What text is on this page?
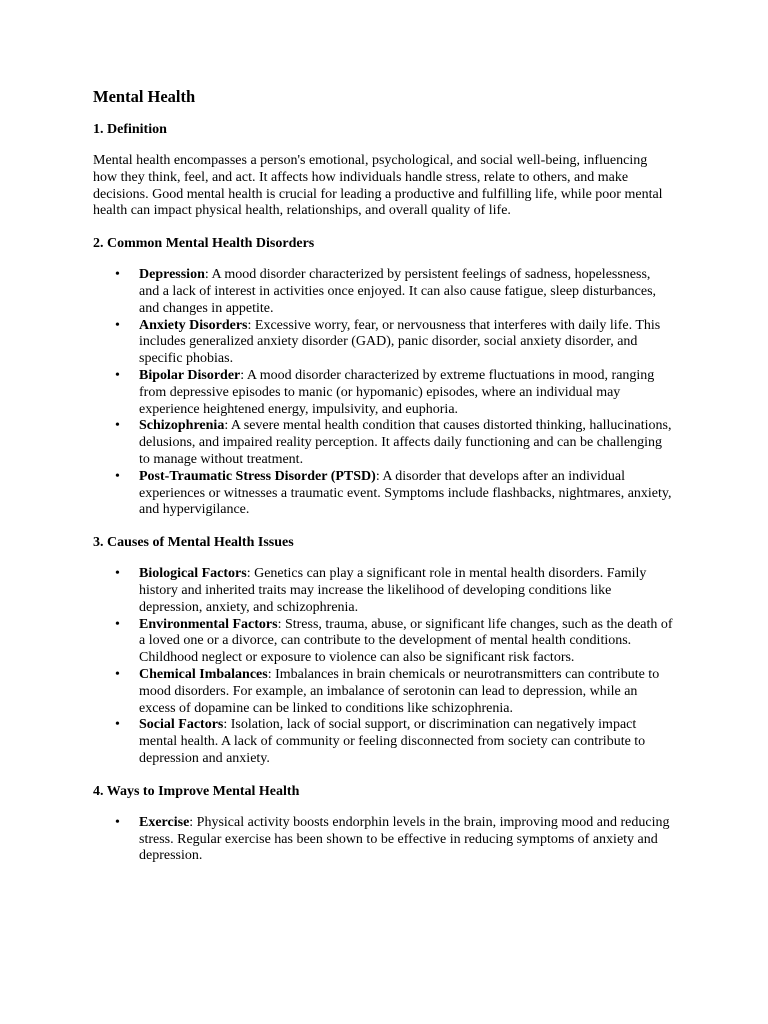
Mental Health
1. Definition

Mental health encompasses a person's emotional, psychological, and social well-being, influencing how they think, feel, and act. It affects how individuals handle stress, relate to others, and make decisions. Good mental health is crucial for leading a productive and fulfilling life, while poor mental health can impact physical health, relationships, and overall quality of life.

2. Common Mental Health Disorders
• Depression: A mood disorder characterized by persistent feelings of sadness, hopelessness, and a lack of interest in activities once enjoyed. It can also cause fatigue, sleep disturbances, and changes in appetite.
• Anxiety Disorders: Excessive worry, fear, or nervousness that interferes with daily life. This includes generalized anxiety disorder (GAD), panic disorder, social anxiety disorder, and specific phobias.
• Bipolar Disorder: A mood disorder characterized by extreme fluctuations in mood, ranging from depressive episodes to manic (or hypomanic) episodes, where an individual may experience heightened energy, impulsivity, and euphoria.
• Schizophrenia: A severe mental health condition that causes distorted thinking, hallucinations, delusions, and impaired reality perception. It affects daily functioning and can be challenging to manage without treatment.
• Post-Traumatic Stress Disorder (PTSD): A disorder that develops after an individual experiences or witnesses a traumatic event. Symptoms include flashbacks, nightmares, anxiety, and hypervigilance.
3. Causes of Mental Health Issues
• Biological Factors: Genetics can play a significant role in mental health disorders. Family history and inherited traits may increase the likelihood of developing conditions like depression, anxiety, and schizophrenia.
• Environmental Factors: Stress, trauma, abuse, or significant life changes, such as the death of a loved one or a divorce, can contribute to the development of mental health conditions. Childhood neglect or exposure to violence can also be significant risk factors.
• Chemical Imbalances: Imbalances in brain chemicals or neurotransmitters can contribute to mood disorders. For example, an imbalance of serotonin can lead to depression, while an excess of dopamine can be linked to conditions like schizophrenia.
• Social Factors: Isolation, lack of social support, or discrimination can negatively impact mental health. A lack of community or feeling disconnected from society can contribute to depression and anxiety.
4. Ways to Improve Mental Health
• Exercise: Physical activity boosts endorphin levels in the brain, improving mood and reducing stress. Regular exercise has been shown to be effective in reducing symptoms of anxiety and depression.
